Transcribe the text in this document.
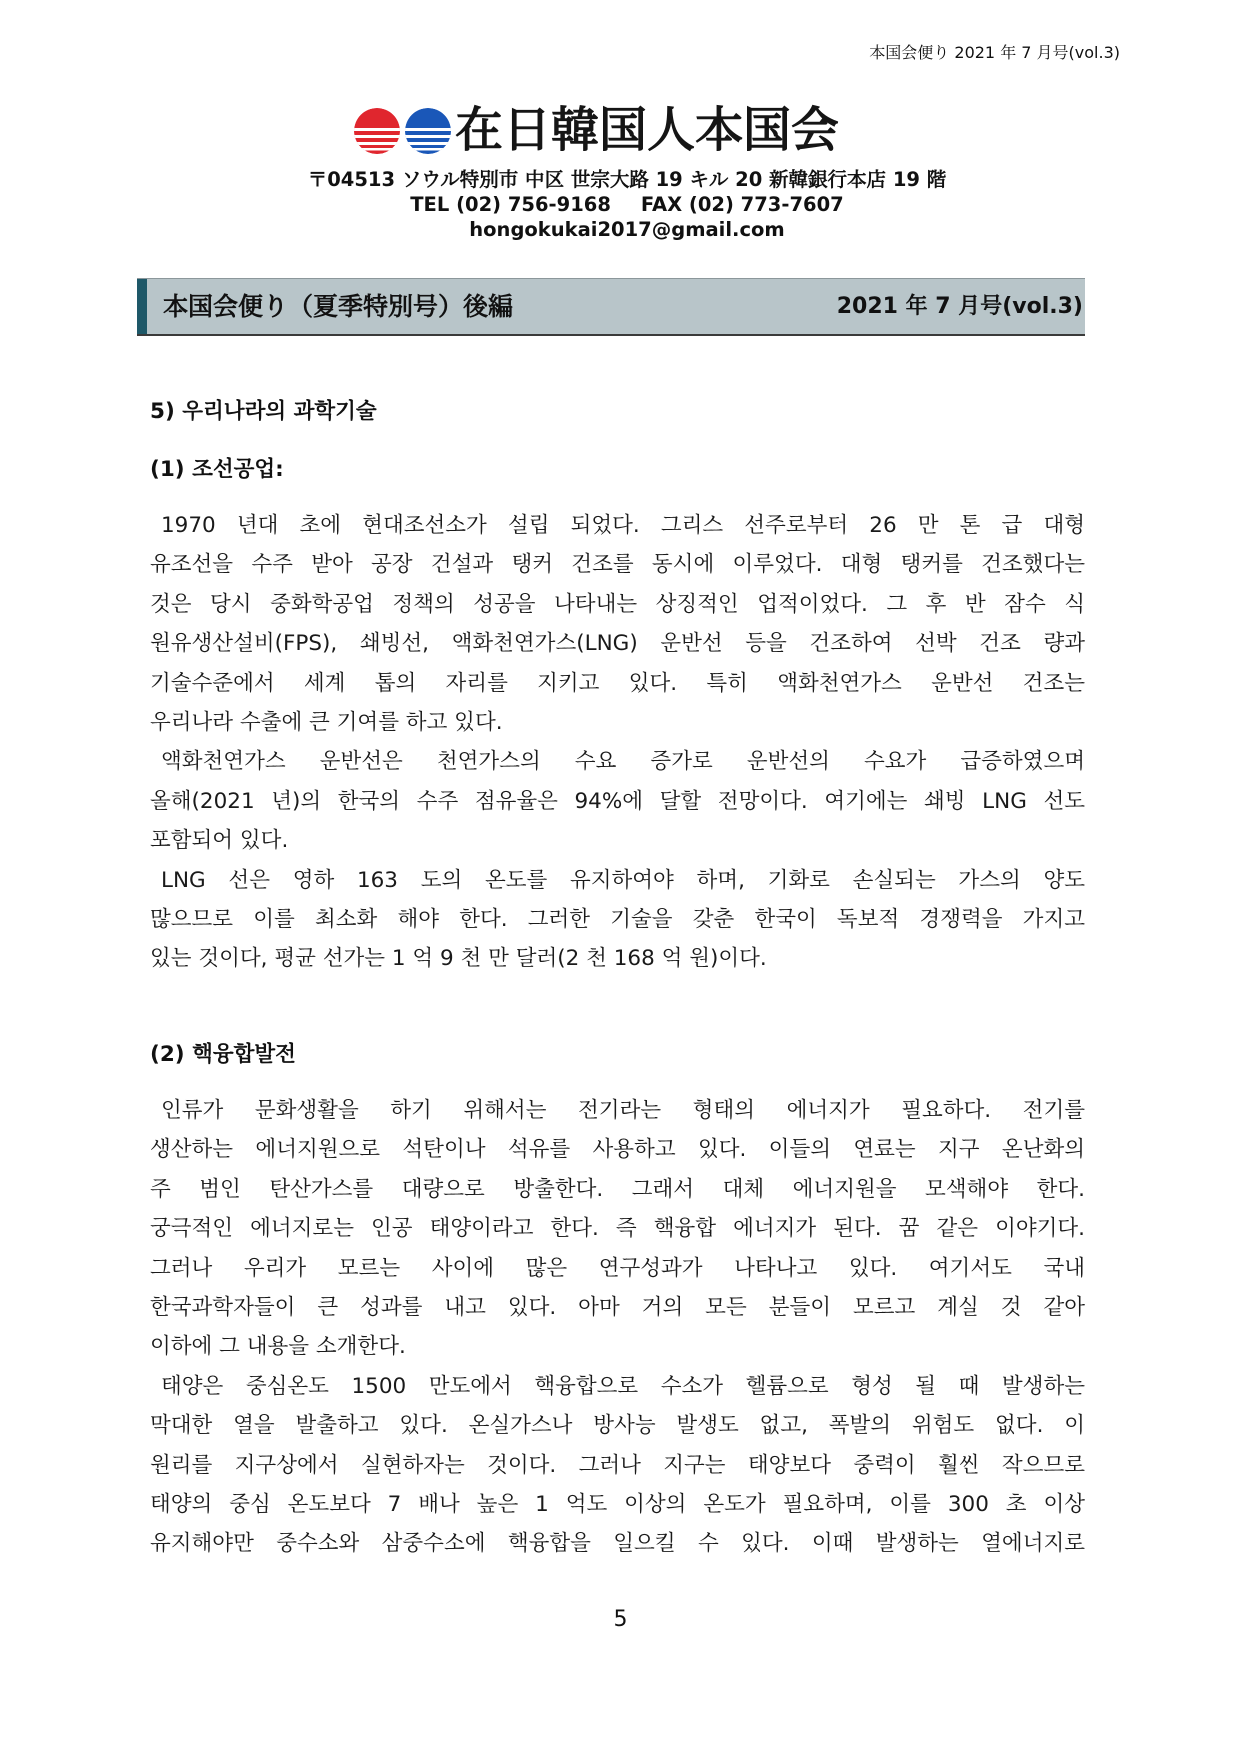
本国会便り 2021 年 7 月号(vol.3)
在日韓国人本国会
〒04513 ソウル特別市 中区 世宗大路 19 キル 20 新韓銀行本店 19 階
TEL (02) 756-9168 FAX (02) 773-7607
hongokukai2017@gmail.com
本国会便り（夏季特別号）後編	2021 年 7 月号(vol.3)
5) 우리나라의 과학기술
(1) 조선공업:
1970 년대 초에 현대조선소가 설립 되었다. 그리스 선주로부터 26 만 톤 급 대형
유조선을 수주 받아 공장 건설과 탱커 건조를 동시에 이루었다. 대형 탱커를 건조했다는
것은 당시 중화학공업 정책의 성공을 나타내는 상징적인 업적이었다. 그 후 반 잠수 식
원유생산설비(FPS), 쇄빙선, 액화천연가스(LNG) 운반선 등을 건조하여 선박 건조 량과
기술수준에서 세계 톱의 자리를 지키고 있다. 특히 액화천연가스 운반선 건조는
우리나라 수출에 큰 기여를 하고 있다.
액화천연가스 운반선은 천연가스의 수요 증가로 운반선의 수요가 급증하였으며
올해(2021 년)의 한국의 수주 점유율은 94%에 달할 전망이다. 여기에는 쇄빙 LNG 선도
포함되어 있다.
LNG 선은 영하 163 도의 온도를 유지하여야 하며, 기화로 손실되는 가스의 양도
많으므로 이를 최소화 해야 한다. 그러한 기술을 갖춘 한국이 독보적 경쟁력을 가지고
있는 것이다, 평균 선가는 1 억 9 천 만 달러(2 천 168 억 원)이다.
(2) 핵융합발전
인류가 문화생활을 하기 위해서는 전기라는 형태의 에너지가 필요하다. 전기를
생산하는 에너지원으로 석탄이나 석유를 사용하고 있다. 이들의 연료는 지구 온난화의
주 범인 탄산가스를 대량으로 방출한다. 그래서 대체 에너지원을 모색해야 한다.
궁극적인 에너지로는 인공 태양이라고 한다. 즉 핵융합 에너지가 된다. 꿈 같은 이야기다.
그러나 우리가 모르는 사이에 많은 연구성과가 나타나고 있다. 여기서도 국내
한국과학자들이 큰 성과를 내고 있다. 아마 거의 모든 분들이 모르고 계실 것 같아
이하에 그 내용을 소개한다.
태양은 중심온도 1500 만도에서 핵융합으로 수소가 헬륨으로 형성 될 때 발생하는
막대한 열을 발출하고 있다. 온실가스나 방사능 발생도 없고, 폭발의 위험도 없다. 이
원리를 지구상에서 실현하자는 것이다. 그러나 지구는 태양보다 중력이 훨씬 작으므로
태양의 중심 온도보다 7 배나 높은 1 억도 이상의 온도가 필요하며, 이를 300 초 이상
유지해야만 중수소와 삼중수소에 핵융합을 일으킬 수 있다. 이때 발생하는 열에너지로
5
